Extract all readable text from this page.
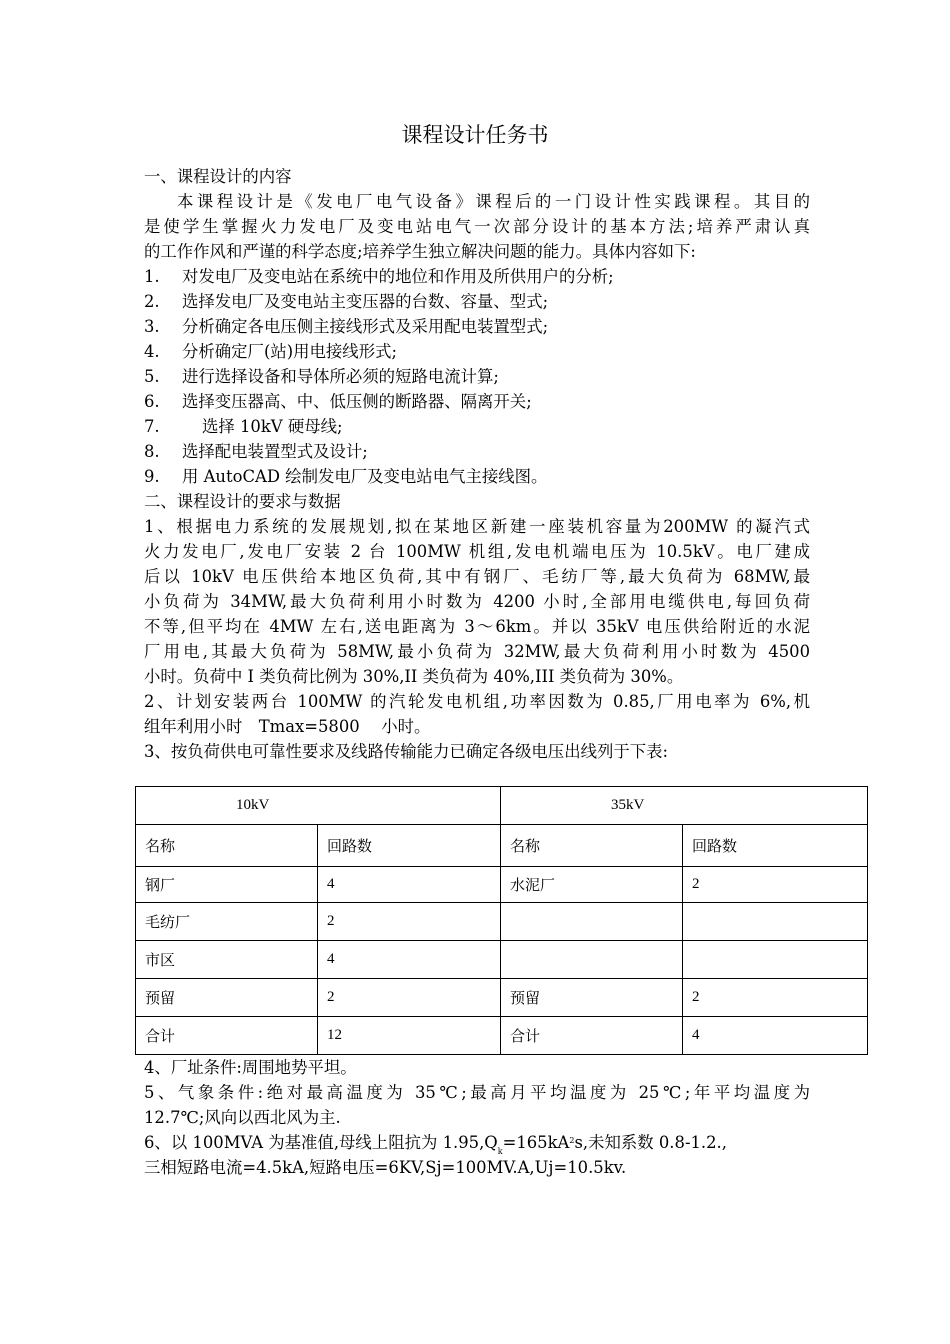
课程设计任务书
一、课程设计的内容
本课程设计是《发电厂电气设备》课程后的一门设计性实践课程。其目的
是使学生掌握火力发电厂及变电站电气一次部分设计的基本方法;培养严肃认真
的工作作风和严谨的科学态度;培养学生独立解决问题的能力。具体内容如下:
1. 对发电厂及变电站在系统中的地位和作用及所供用户的分析;
2. 选择发电厂及变电站主变压器的台数、容量、型式;
3. 分析确定各电压侧主接线形式及采用配电装置型式;
4. 分析确定厂(站)用电接线形式;
5. 进行选择设备和导体所必须的短路电流计算;
6. 选择变压器高、中、低压侧的断路器、隔离开关;
7.	选择 10kV 硬母线;
8. 选择配电装置型式及设计;
9. 用 AutoCAD 绘制发电厂及变电站电气主接线图。
二、课程设计的要求与数据
1、根据电力系统的发展规划,拟在某地区新建一座装机容量为200MW 的凝汽式
火力发电厂,发电厂安装 2 台 100MW 机组,发电机端电压为 10.5kV。电厂建成
后以 10kV 电压供给本地区负荷,其中有钢厂、毛纺厂等,最大负荷为 68MW,最
小负荷为 34MW,最大负荷利用小时数为 4200 小时,全部用电缆供电,每回负荷
不等,但平均在 4MW 左右,送电距离为 3～6km。并以 35kV 电压供给附近的水泥
厂用电,其最大负荷为 58MW,最小负荷为 32MW,最大负荷利用小时数为 4500
小时。负荷中 I 类负荷比例为 30%,II 类负荷为 40%,III 类负荷为 30%。
2、计划安装两台 100MW 的汽轮发电机组,功率因数为 0.85,厂用电率为 6%,机
组年利用小时　Tmax=5800　 小时。
3、按负荷供电可靠性要求及线路传输能力已确定各级电压出线列于下表:
10kV		35kV	
名称	回路数	名称	回路数
钢厂	4	水泥厂	2
毛纺厂	2		
市区	4		
预留	2	预留	2
合计	12	合计	4
4、厂址条件:周围地势平坦。
5、气象条件:绝对最高温度为 35℃;最高月平均温度为 25℃;年平均温度为
12.7℃;风向以西北风为主.
6、以 100MVA 为基准值,母线上阻抗为 $1.95,Q_k=165kA^2s$,未知系数 0.8-1.2.,
三相短路电流=4.5kA,短路电压=6KV,Sj=100MV.A,Uj=10.5kv.
